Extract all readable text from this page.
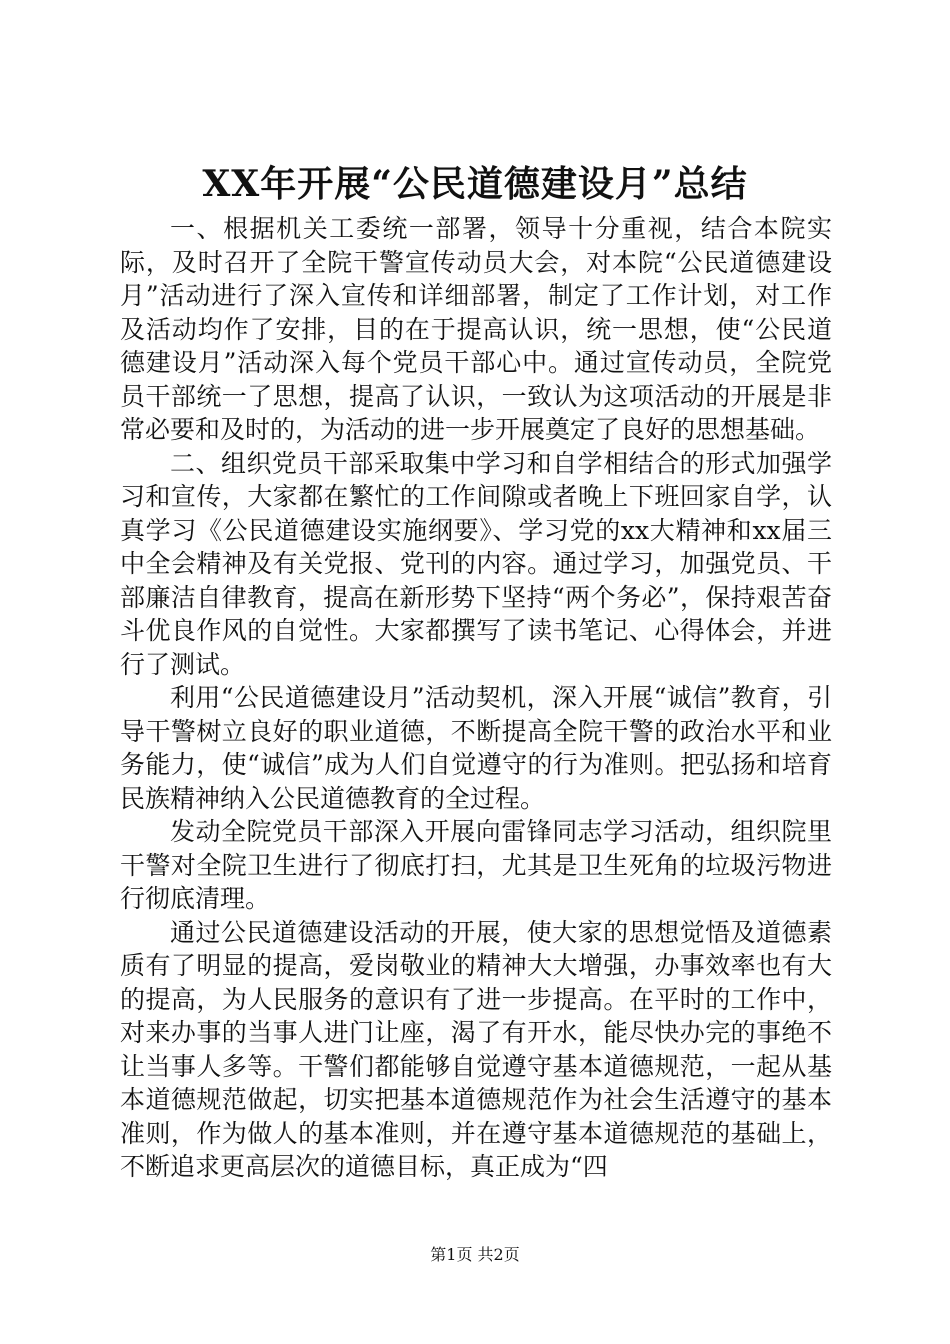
XX年开展“公民道德建设月”总结

一、根据机关工委统一部署，领导十分重视，结合本院实际，及时召开了全院干警宣传动员大会，对本院“公民道德建设月”活动进行了深入宣传和详细部署，制定了工作计划，对工作及活动均作了安排，目的在于提高认识，统一思想，使“公民道德建设月”活动深入每个党员干部心中。通过宣传动员，全院党员干部统一了思想，提高了认识，一致认为这项活动的开展是非常必要和及时的，为活动的进一步开展奠定了良好的思想基础。

二、组织党员干部采取集中学习和自学相结合的形式加强学习和宣传，大家都在繁忙的工作间隙或者晚上下班回家自学，认真学习《公民道德建设实施纲要》、学习党的xx大精神和xx届三中全会精神及有关党报、党刊的内容。通过学习，加强党员、干部廉洁自律教育，提高在新形势下坚持“两个务必”，保持艰苦奋斗优良作风的自觉性。大家都撰写了读书笔记、心得体会，并进行了测试。

利用“公民道德建设月”活动契机，深入开展“诚信”教育，引导干警树立良好的职业道德，不断提高全院干警的政治水平和业务能力，使“诚信”成为人们自觉遵守的行为准则。把弘扬和培育民族精神纳入公民道德教育的全过程。

发动全院党员干部深入开展向雷锋同志学习活动，组织院里干警对全院卫生进行了彻底打扫，尤其是卫生死角的垃圾污物进行彻底清理。

通过公民道德建设活动的开展，使大家的思想觉悟及道德素质有了明显的提高，爱岗敬业的精神大大增强，办事效率也有大的提高，为人民服务的意识有了进一步提高。在平时的工作中，对来办事的当事人进门让座，渴了有开水，能尽快办完的事绝不让当事人多等。干警们都能够自觉遵守基本道德规范，一起从基本道德规范做起，切实把基本道德规范作为社会生活遵守的基本准则，作为做人的基本准则，并在遵守基本道德规范的基础上，不断追求更高层次的道德目标，真正成为“四

第1页 共2页
